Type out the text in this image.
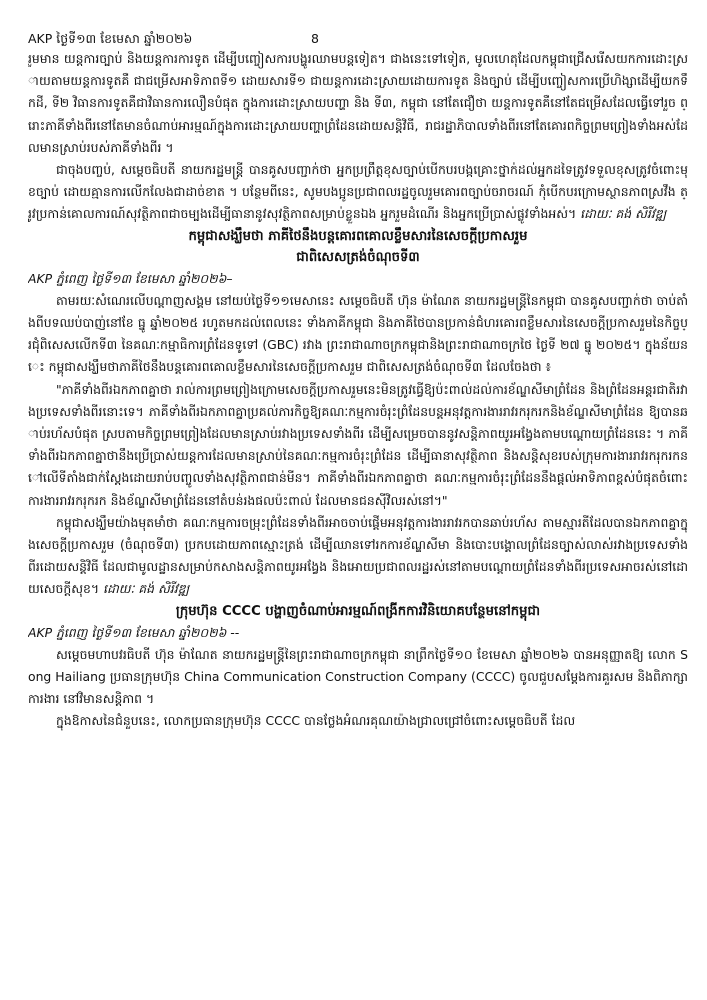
AKP ថ្ងៃទី១៣ ខែមេសា ឆ្នាំ២០២៦	8

រួមមាន យន្តការច្បាប់ និងយន្តការការទូត ដើម្បីបញ្ចៀសការបង្ហូរឈាមបន្តទៀត។ ជាងនេះទៅទៀត, មូលហេតុដែលកម្ពុជាជ្រើសរើសយកការដោះស្រាយតាមយន្តការទូតគឺ ជាជម្រើសអាទិភាពទី១ ដោយសារទី១ ជាយន្តការដោះស្រាយដោយការទូត និងច្បាប់ ដើម្បីបញ្ចៀសការប្រើហិង្សាដើម្បីយកទឹកដី, ទី២ វិធានការទូតគឺជាវិធានការលឿនបំផុត ក្នុងការដោះស្រាយបញ្ហា និង ទី៣, កម្ពុជា នៅតែជឿថា យន្តការទូតគឺនៅតែជម្រើសដែលធ្វើទៅរួច ព្រោះភាគីទាំងពីរនៅតែមានចំណាប់អារម្មណ៍ក្នុងការដោះស្រាយបញ្ហាព្រំដែនដោយសន្តិវិធី, រាជរដ្ឋាភិបាលទាំងពីរនៅតែគោរពកិច្ចព្រមព្រៀងទាំងអស់ដែលមានស្រាប់របស់ភាគីទាំងពីរ ។

ជាចុងបញ្ចប់, សម្តេចធិបតី នាយករដ្ឋមន្ត្រី បានគូសបញ្ជាក់ថា អ្នកប្រព្រឹត្តខុសច្បាប់បើកបរបង្កគ្រោះថ្នាក់ដល់អ្នកដទៃត្រូវទទួលខុសត្រូវចំពោះមុខច្បាប់ ដោយគ្មានការលើកលែងជាដាច់ខាត ។ បន្ថែមពីនេះ, សូមបងប្អូនប្រជាពលរដ្ឋចូលរួមគោរពច្បាប់ចរាចរណ៍ កុំបើកបរក្រោមស្ថានភាពស្រវឹង ត្រូវប្រកាន់គោលការណ៍សុវត្ថិភាពជាចម្បងដើម្បីធានានូវសុវត្ថិភាពសម្រាប់ខ្លួនឯង អ្នករួមដំណើរ និងអ្នកប្រើប្រាស់ផ្លូវទាំងអស់។ ដោយៈ គង់ សិរីវឌ្ឍ

កម្ពុជាសង្ឃឹមថា ភាគីថៃនឹងបន្តគោរពគោលខ្លឹមសារនៃសេចក្តីប្រកាសរួម
ជាពិសេសត្រង់ចំណុចទី៣

AKP ភ្នំពេញ ថ្ងៃទី១៣ ខែមេសា ឆ្នាំ២០២៦–

តាមរយៈសំណេរលើបណ្តាញសង្គម នៅយប់ថ្ងៃទី១១មេសានេះ សម្តេចធិបតី ហ៊ុន ម៉ាណែត នាយករដ្ឋមន្ត្រីនៃកម្ពុជា បានគូសបញ្ជាក់ថា ចាប់តាំងពីបទឈប់បាញ់នៅខែ ធ្នូ ឆ្នាំ២០២៥ រហូតមកដល់ពេលនេះ ទាំងភាគីកម្ពុជា និងភាគីថៃបានប្រកាន់ជំហរគោរពខ្លឹមសារនៃសេចក្តីប្រកាសរួមនៃកិច្ចប្រជុំពិសេសលើកទី៣ នៃគណៈកម្មាធិការព្រំដែនទូទៅ (GBC) រវាង ព្រះរាជាណាចក្រកម្ពុជានិងព្រះរាជាណាចក្រថៃ ថ្ងៃទី ២៧ ធ្នូ ២០២៥។ ក្នុងន័យនេះ កម្ពុជាសង្ឃឹមថាភាគីថៃនឹងបន្តគោរពគោលខ្លឹមសារនៃសេចក្តីប្រកាសរួម ជាពិសេសត្រង់ចំណុចទី៣ ដែលចែងថា ៖

"ភាគីទាំងពីរឯកភាពគ្នាថា រាល់ការព្រមព្រៀងក្រោមសេចក្តីប្រកាសរួមនេះមិនត្រូវធ្វើឱ្យប៉ះពាល់ដល់ការខ័ណ្ឌសីមាព្រំដែន និងព្រំដែនអន្តរជាតិរវាងប្រទេសទាំងពីរនោះទេ។ ភាគីទាំងពីរឯកភាពគ្នាប្រគល់ភារកិច្ចឱ្យគណៈកម្មការចំរុះព្រំដែនបន្តអនុវត្តការងាររាវរករុករកនិងខ័ណ្ឌសីមាព្រំដែន ឱ្យបានឆាប់រហ័សបំផុត ស្របតាមកិច្ចព្រមព្រៀងដែលមានស្រាប់រវាងប្រទេសទាំងពីរ ដើម្បីសម្រេចបាននូវសន្តិភាពយូរអង្វែងតាមបណ្តោយព្រំដែននេះ ។ ភាគីទាំងពីរឯកភាពគ្នាថានឹងប្រើប្រាស់យន្តការដែលមានស្រាប់នៃគណៈកម្មការចំរុះព្រំដែន ដើម្បីធានាសុវត្ថិភាព និងសន្តិសុខរបស់ក្រុមការងាររាវរករុករកនៅលើទីតាំងជាក់ស្តែងដោយរាប់បញ្ចូលទាំងសុវត្ថិភាពជាន់មីន។ ភាគីទាំងពីរឯកភាពគ្នាថា គណៈកម្មការចំរុះព្រំដែននឹងផ្តល់អាទិភាពខ្ពស់បំផុតចំពោះការងាររាវរករុករក និងខ័ណ្ឌសីមាព្រំដែននៅតំបន់រងផលប៉ះពាល់ ដែលមានជនស៊ីវិលរស់នៅ។"

កម្ពុជាសង្ឃឹមយ៉ាងមុតមាំថា គណៈកម្មការចម្រុះព្រំដែនទាំងពីរអាចចាប់ផ្តើមអនុវត្តការងាររាវរកបានឆាប់រហ័ស តាមស្មារតីដែលបានឯកភាពគ្នាក្នុងសេចក្តីប្រកាសរួម (ចំណុចទី៣) ប្រកបដោយភាពស្មោះត្រង់ ដើម្បីឈានទៅរកការខ័ណ្ឌសីមា និងបោះបង្គោលព្រំដែនច្បាស់លាស់រវាងប្រទេសទាំងពីរដោយសន្តិវិធី ដែលជាមូលដ្ឋានសម្រាប់កសាងសន្តិភាពយូរអង្វែង និងអោយប្រជាពលរដ្ឋរស់នៅតាមបណ្តោយព្រំដែនទាំងពីរប្រទេសអាចរស់នៅដោយសេចក្តីសុខ។ ដោយៈ គង់ សិរីវឌ្ឍ

ក្រុមហ៊ុន CCCC បង្ហាញចំណាប់អារម្មណ៍ពង្រីកការវិនិយោគបន្ថែមនៅកម្ពុជា

AKP ភ្នំពេញ ថ្ងៃទី១៣ ខែមេសា ឆ្នាំ២០២៦ --

សម្តេចមហាបវរធិបតី ហ៊ុន ម៉ាណែត នាយករដ្ឋមន្ត្រីនៃព្រះរាជាណាចក្រកម្ពុជា នាព្រឹកថ្ងៃទី១០ ខែមេសា ឆ្នាំ២០២៦ បានអនុញ្ញាតឱ្យ លោក Song Hailiang ប្រធានក្រុមហ៊ុន China Communication Construction Company (CCCC) ចូលជួបសម្តែងការគួរសម និងពិភាក្សាការងារ នៅវិមានសន្តិភាព ។

ក្នុងឱកាសនៃជំនួបនេះ, លោកប្រធានក្រុមហ៊ុន CCCC បានថ្លែងអំណរគុណយ៉ាងជ្រាលជ្រៅចំពោះសម្តេចធិបតី ដែល
